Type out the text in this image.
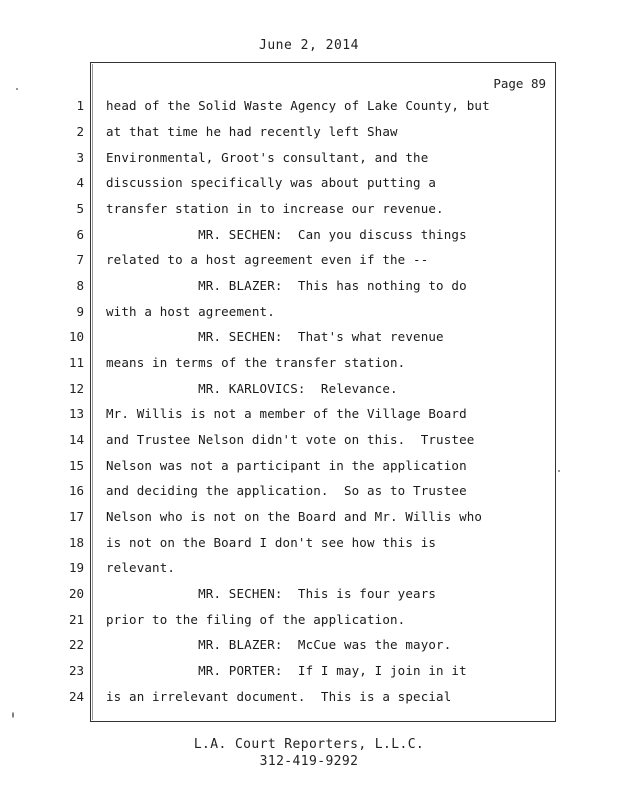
June 2, 2014
Page 89
1 head of the Solid Waste Agency of Lake County, but
2 at that time he had recently left Shaw
3 Environmental, Groot's consultant, and the
4 discussion specifically was about putting a
5 transfer station in to increase our revenue.
6 MR. SECHEN:  Can you discuss things
7 related to a host agreement even if the --
8 MR. BLAZER:  This has nothing to do
9 with a host agreement.
10 MR. SECHEN:  That's what revenue
11 means in terms of the transfer station.
12 MR. KARLOVICS:  Relevance.
13 Mr. Willis is not a member of the Village Board
14 and Trustee Nelson didn't vote on this.  Trustee
15 Nelson was not a participant in the application
16 and deciding the application.  So as to Trustee
17 Nelson who is not on the Board and Mr. Willis who
18 is not on the Board I don't see how this is
19 relevant.
20 MR. SECHEN:  This is four years
21 prior to the filing of the application.
22 MR. BLAZER:  McCue was the mayor.
23 MR. PORTER:  If I may, I join in it
24 is an irrelevant document.  This is a special
L.A. Court Reporters, L.L.C.
312-419-9292
